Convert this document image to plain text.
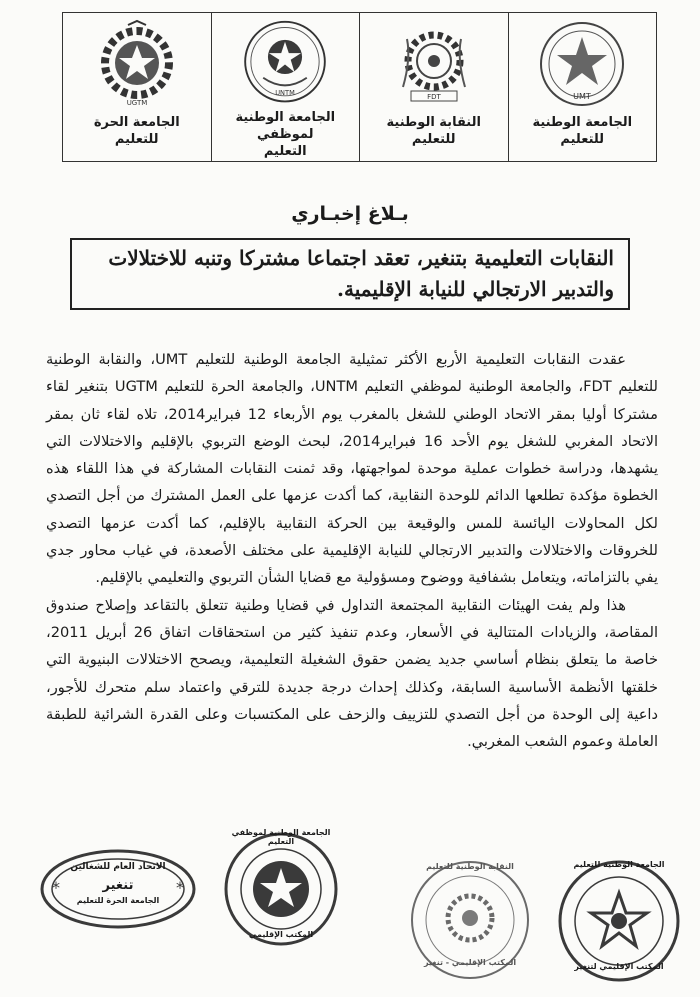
UMT
الجامعة الوطنية
للتعليم
FDT
النقابة الوطنية للتعليم
UNTM
الجامعة الوطنية لموظفي
التعليم
UGTM
الجامعة الحرة للتعليم
بـلاغ إخبـاري
النقابات التعليمية بتنغير، تعقد اجتماعا مشتركا وتنبه للاختلالات
والتدبير الارتجالي للنيابة الإقليمية.

عقدت النقابات التعليمية الأربع الأكثر تمثيلية الجامعة الوطنية للتعليم UMT، والنقابة الوطنية للتعليم FDT، والجامعة الوطنية لموظفي التعليم UNTM، والجامعة الحرة للتعليم UGTM بتنغير لقاء مشتركا أوليا بمقر الاتحاد الوطني للشغل بالمغرب يوم الأربعاء 12 فبراير2014، تلاه لقاء ثان بمقر الاتحاد المغربي للشغل يوم الأحد 16 فبراير2014، لبحث الوضع التربوي بالإقليم والاختلالات التي يشهدها، ودراسة خطوات عملية موحدة لمواجهتها، وقد ثمنت النقابات المشاركة في هذا اللقاء هذه الخطوة مؤكدة تطلعها الدائم للوحدة النقابية، كما أكدت عزمها على العمل المشترك من أجل التصدي لكل المحاولات اليائسة للمس والوقيعة بين الحركة النقابية بالإقليم، كما أكدت عزمها التصدي للخروقات والاختلالات والتدبير الارتجالي للنيابة الإقليمية على مختلف الأصعدة، في غياب محاور جدي يفي بالتزاماته، ويتعامل بشفافية ووضوح ومسؤولية مع قضايا الشأن التربوي والتعليمي بالإقليم.

هذا ولم يفت الهيئات النقابية المجتمعة التداول في قضايا وطنية تتعلق بالتقاعد وإصلاح صندوق المقاصة، والزيادات المتتالية في الأسعار، وعدم تنفيذ كثير من استحقاقات اتفاق 26 أبريل 2011، خاصة ما يتعلق بنظام أساسي جديد يضمن حقوق الشغيلة التعليمية، ويصحح الاختلالات البنيوية التي خلقتها الأنظمة الأساسية السابقة، وكذلك إحداث درجة جديدة للترقي واعتماد سلم متحرك للأجور، داعية إلى الوحدة من أجل التصدي للتزييف والزحف على المكتسبات وعلى القدرة الشرائية للطبقة العاملة وعموم الشعب المغربي.

*	*
الاتحاد العام للشغالين
تنغير
الجامعة الحرة للتعليم
الجامعة الوطنية لموظفي التعليم
المكتب الإقليمي
النقابة الوطنية للتعليم
المكتب الإقليمي - تنغير
الجامعة الوطنية للتعليم
المكتب الإقليمي لتنغير
